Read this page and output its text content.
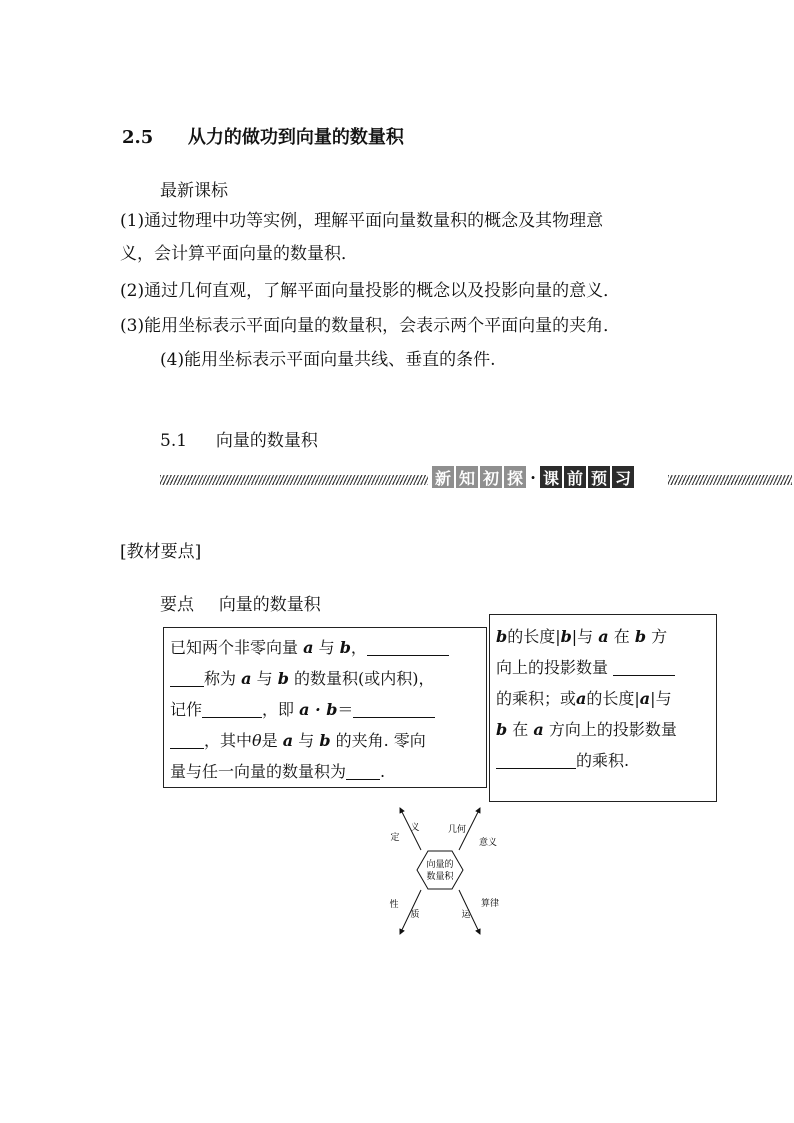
2.5 从力的做功到向量的数量积
最新课标
(1)通过物理中功等实例，理解平面向量数量积的概念及其物理意
义，会计算平面向量的数量积．
(2)通过几何直观，了解平面向量投影的概念以及投影向量的意义．
(3)能用坐标表示平面向量的数量积，会表示两个平面向量的夹角．
(4)能用坐标表示平面向量共线、垂直的条件.
5.1 向量的数量积
新 知 初 探 · 课 前 预 习
[教材要点]
要点 向量的数量积
已知两个非零向量 a 与 b，
称为 a 与 b 的数量积(或内积)，
记作	，即 a · b＝
，其中θ是 a 与 b 的夹角. 零向
量与任一向量的数量积为 .
b的长度|b|与 a 在 b 方
向上的投影数量
的乘积；或a的长度|a|与
b 在 a 方向上的投影数量
的乘积.
向量的
数量积
定
义	几何
意义
性
质	运
算律
